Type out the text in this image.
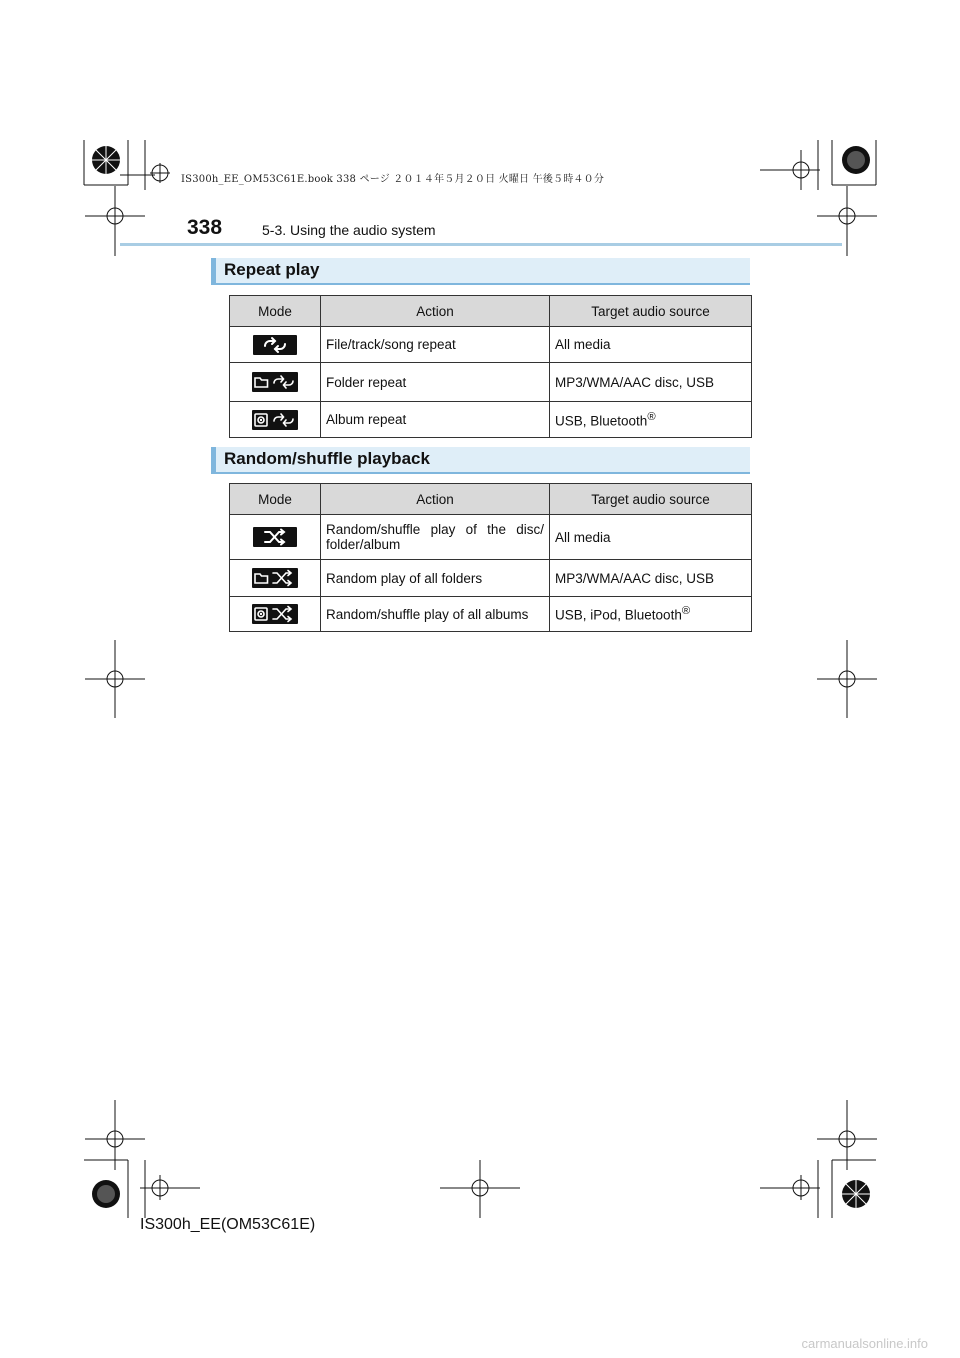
IS300h_EE_OM53C61E.book 338 ページ ２０１４年５月２０日 火曜日 午後５時４０分
338	5-3. Using the audio system
Repeat play
Mode	Action	Target audio source

	File/track/song repeat	All media

	Folder repeat	MP3/WMA/AAC disc, USB

	Album repeat	USB, Bluetooth®
Random/shuffle playback
Mode	Action	Target audio source

	Random/shuffle play of the disc/ folder/album	All media

	Random play of all folders	MP3/WMA/AAC disc, USB

	Random/shuffle play of all albums	USB, iPod, Bluetooth®
IS300h_EE(OM53C61E)
carmanualsonline.info
